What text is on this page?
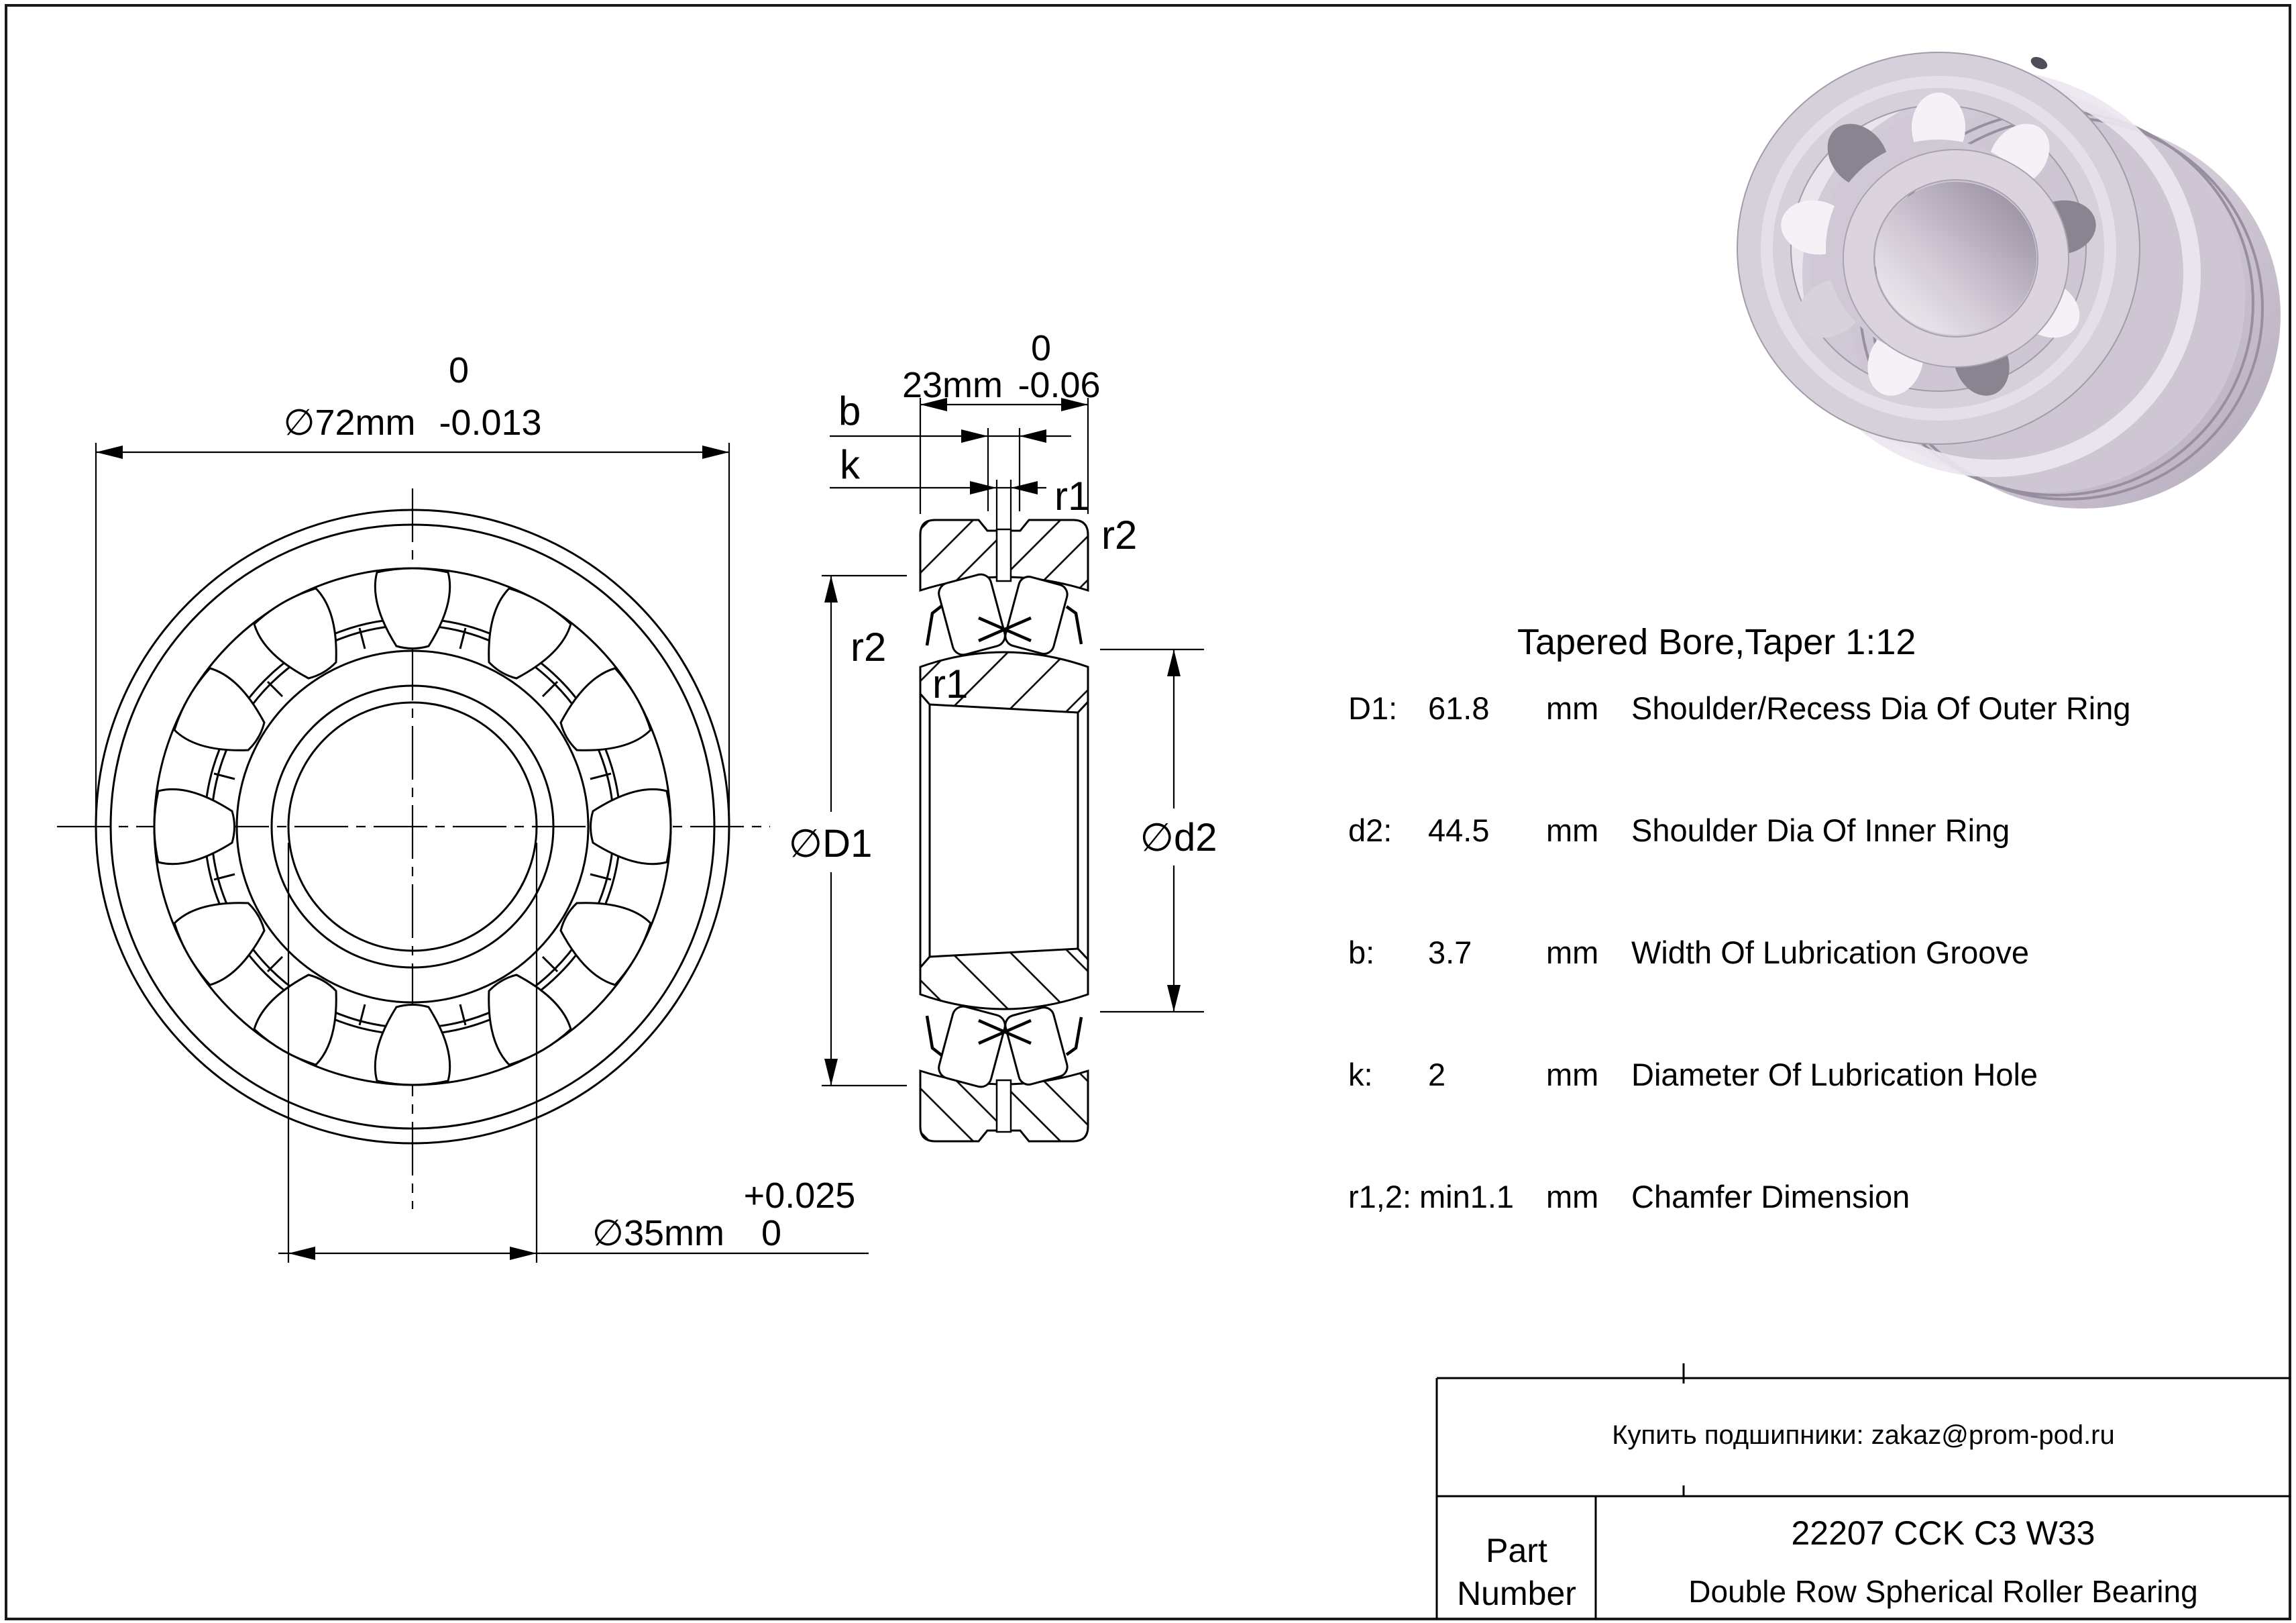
∅72mm -0.013
0	23mm -0.06
0
b
k
r1
r2
r2
r1
∅D1	∅d2
∅35mm
+0.025
0
Tapered Bore,Taper 1:12
D1: 61.8 mm Shoulder/Recess Dia Of Outer Ring
d2: 44.5 mm Shoulder Dia Of Inner Ring
b: 3.7 mm Width Of Lubrication Groove
k: 2	mm Diameter Of Lubrication Hole
r1,2: min1.1 mm Chamfer Dimension
Купить подшипники: zakaz@prom-pod.ru
Part
Number
22207 CCK C3 W33
Double Row Spherical Roller Bearing
